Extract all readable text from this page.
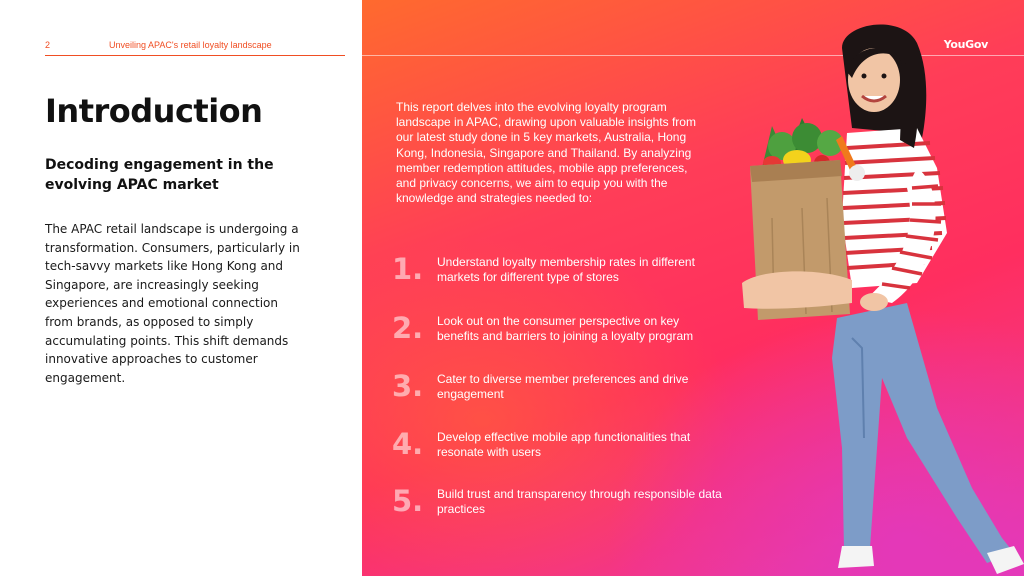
2	Unveiling APAC's retail loyalty landscape
Introduction
Decoding engagement in the evolving APAC market

The APAC retail landscape is undergoing a transformation. Consumers, particularly in tech-savvy markets like Hong Kong and Singapore, are increasingly seeking experiences and emotional connection from brands, as opposed to simply accumulating points. This shift demands innovative approaches to customer engagement.

YouGov

This report delves into the evolving loyalty program landscape in APAC, drawing upon valuable insights from our latest study done in 5 key markets, Australia, Hong Kong, Indonesia, Singapore and Thailand. By analyzing member redemption attitudes, mobile app preferences, and privacy concerns, we aim to equip you with the knowledge and strategies needed to:

1. Understand loyalty membership rates in different markets for different type of stores
2. Look out on the consumer perspective on key benefits and barriers to joining a loyalty program
3. Cater to diverse member preferences and drive engagement
4. Develop effective mobile app functionalities that resonate with users
5. Build trust and transparency through responsible data practices
